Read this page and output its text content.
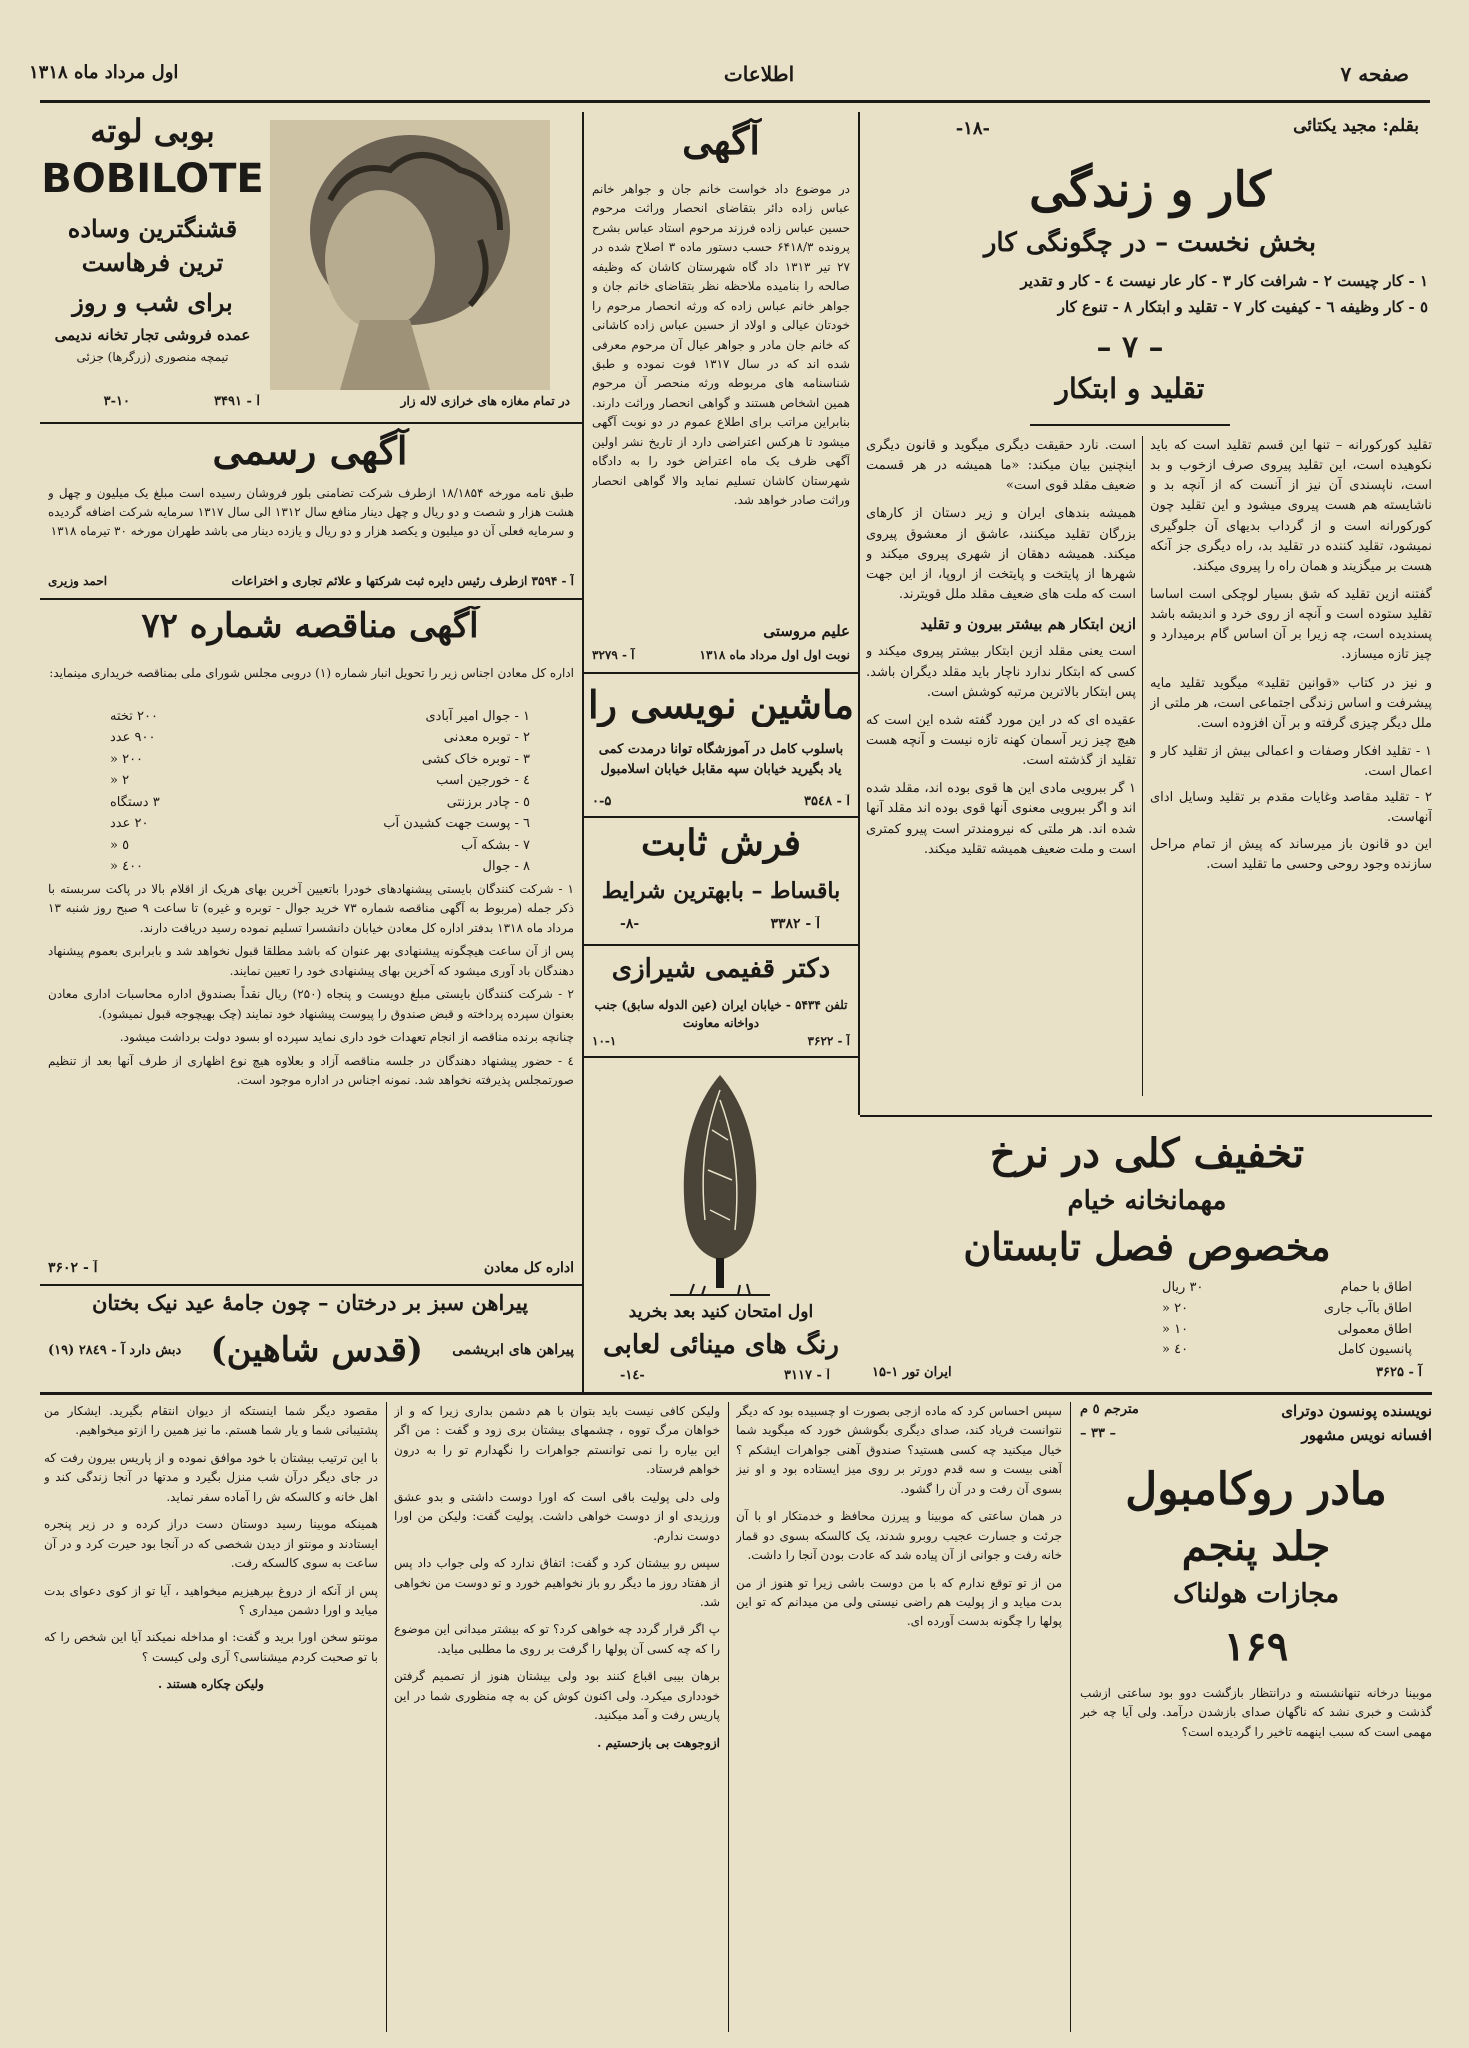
صفحه ۷
اطلاعات
اول مرداد ماه ۱۳۱۸
بقلم: مجید یکتائی
-۱۸-
کار و زندگی
بخش نخست – در چگونگی کار
۱ - کار چیست ۲ - شرافت کار ۳ - کار عار نیست ٤ - کار و تقدیر
٥ - کار وظیفه ٦ - کیفیت کار ۷ - تقلید و ابتکار ۸ - تنوع کار
– ۷ –
تقلید و ابتکار

تقلید کورکورانه – تنها این قسم تقلید است که باید نکوهیده است، این تقلید پیروی صرف ازخوب و بد است، ناپسندی آن نیز از آنست که از آنچه بد و ناشایسته هم هست پیروی میشود و این تقلید چون کورکورانه است و از گرداب بدیهای آن جلوگیری نمیشود، تقلید کننده در تقلید بد، راه دیگری جز آنکه هست بر میگزیند و همان راه را پیروی میکند.

گفتنه ازین تقلید که شق بسیار لوچکی است اساسا تقلید ستوده است و آنچه از روی خرد و اندیشه باشد پسندیده است، چه زیرا بر آن اساس گام برمیدارد و چیز تازه میسازد.

و نیز در کتاب «قوانین تقلید» میگوید تقلید مایه پیشرفت و اساس زندگی اجتماعی است، هر ملتی از ملل دیگر چیزی گرفته و بر آن افزوده است.

۱ - تقلید افکار وصفات و اعمالی بیش از تقلید کار و اعمال است.

۲ - تقلید مقاصد وغایات مقدم بر تقلید وسایل ادای آنهاست.

این دو قانون باز میرساند که پیش از تمام مراحل سازنده وجود روحی وحسی ما تقلید است.

است. نارد حقیقت دیگری میگوید و قانون دیگری اینچنین بیان میکند: «ما همیشه در هر قسمت ضعیف مقلد قوی است»

همیشه بندهای ایران و زیر دستان از کارهای بزرگان تقلید میکنند، عاشق از معشوق پیروی میکند. همیشه دهقان از شهری پیروی میکند و شهرها از پایتخت و پایتخت از اروپا، از این جهت است که ملت های ضعیف مقلد ملل قویترند.

ازین ابتکار هم بیشتر بیرون و تقلید

است یعنی مقلد ازین ابتکار بیشتر پیروی میکند و کسی که ابتکار ندارد ناچار باید مقلد دیگران باشد. پس ابتکار بالاترین مرتبه کوشش است.

عقیده ای که در این مورد گفته شده این است که هیچ چیز زیر آسمان کهنه تازه نیست و آنچه هست تقلید از گذشته است.

۱ گر ببرویی مادی این ها قوی بوده اند، مقلد شده اند و اگر ببرویی معنوی آنها قوی بوده اند مقلد آنها شده اند. هر ملتی که نیرومندتر است پیرو کمتری است و ملت ضعیف همیشه تقلید میکند.

تخفیف کلی در نرخ
مهمانخانه خیام
مخصوص فصل تابستان
اطاق با حمام
۳۰ ریال
اطاق باآب جاری
۲۰ «
اطاق معمولی
۱۰ «
پانسیون کامل
٤٠ «
آ - ۳۶۲۵
ایران تور ۱-۱۵
آگهی
در موضوع داد خواست خانم جان و جواهر خانم عباس زاده دائر بتقاضای انحصار وراثت مرحوم حسین عباس زاده فرزند مرحوم استاد عباس بشرح پرونده ۶۴۱۸/۳ حسب دستور ماده ۳ اصلاح شده در ۲۷ تیر ۱۳۱۳ داد گاه شهرستان کاشان که وظیفه صالحه را بنامیده ملاحظه نظر بتقاضای خانم جان و جواهر خانم عباس زاده که ورثه انحصار مرحوم را خودتان عیالی و اولاد از حسین عباس زاده کاشانی که خانم جان مادر و جواهر عیال آن مرحوم معرفی شده اند که در سال ۱۳۱۷ فوت نموده و طبق شناسنامه های مربوطه ورثه منحصر آن مرحوم همین اشخاص هستند و گواهی انحصار وراثت دارند. بنابراین مراتب برای اطلاع عموم در دو نوبت آگهی میشود تا هرکس اعتراضی دارد از تاریخ نشر اولین آگهی ظرف یک ماه اعتراض خود را به دادگاه شهرستان کاشان تسلیم نماید والا گواهی انحصار وراثت صادر خواهد شد.
علیم مروستی
نوبت اول اول مرداد ماه ۱۳۱۸
آ - ۳۲۷۹
ماشین نویسی را
باسلوب کامل در آموزشگاه توانا درمدت کمی یاد بگیرید خیابان سپه مقابل خیابان اسلامبول
آ - ۳۵٤۸
۰-۵
فرش ثابت
باقساط – بابهترین شرایط
آ - ۳۳۸۲
-۸-
دکتر قفیمی شیرازی
تلفن ۵۴۳۴ - خیابان ایران (عین الدوله سابق) جنب دواخانه معاونت
آ - ۳۶۲۲
۱۰-۱
اول امتحان کنید بعد بخرید
رنگ های مینائی لعابی
آ - ۳۱۱۷
-۱٤-
بوبی لوته
BOBILOTE
قشنگترین وساده
ترین فرهاست
برای شب و روز
عمده فروشی تجار تخانه ندیمی
تیمچه منصوری (زرگرها) جزئی
در تمام مغازه های خرازی لاله زار
آ - ۳۴۹۱
۳-۱۰
آگهی رسمی
طبق نامه مورخه ۱۸/۱۸۵۴ ازطرف شرکت تضامنی بلور فروشان رسیده است مبلغ یک میلیون و چهل و هشت هزار و شصت و دو ریال و چهل دینار منافع سال ۱۳۱۲ الی سال ۱۳۱۷ سرمایه شرکت اضافه گردیده و سرمایه فعلی آن دو میلیون و یکصد هزار و دو ریال و یازده دینار می باشد طهران مورخه ۳۰ تیرماه ۱۳۱۸
آ - ۳۵۹۴ ازطرف رئیس دایره ثبت شرکتها و علائم تجاری و اختراعات
احمد وزیری
آگهی مناقصه شماره ۷۲
اداره کل معادن اجناس زیر را تحویل انبار شماره (۱) دروبی مجلس شورای ملی بمناقصه خریداری مینماید:
۱ - جوال امیر آبادی
۲۰۰ تخته
۲ - توبره معدنی
۹۰۰ عدد
۳ - توبره خاک کشی
۲۰۰ «
٤ - خورجین اسب
۲ «
٥ - چادر برزنتی
۳ دستگاه
٦ - پوست جهت کشیدن آب
۲۰ عدد
۷ - بشکه آب
٥ «
۸ - جوال
٤٠٠ «

۱ - شرکت کنندگان بایستی پیشنهادهای خودرا باتعیین آخرین بهای هریک از اقلام بالا در پاکت سربسته با ذکر جمله (مربوط به آگهی مناقصه شماره ۷۳ خرید جوال - توبره و غیره) تا ساعت ۹ صبح روز شنبه ۱۳ مرداد ماه ۱۳۱۸ بدفتر اداره کل معادن خیابان دانشسرا تسلیم نموده رسید دریافت دارند.

پس از آن ساعت هیچگونه پیشنهادی بهر عنوان که باشد مطلقا قبول نخواهد شد و بابرابری بعموم پیشنهاد دهندگان باد آوری میشود که آخرین بهای پیشنهادی خود را تعیین نمایند.

۲ - شرکت کنندگان بایستی مبلغ دویست و پنجاه (۲۵۰) ریال نقداً بصندوق اداره محاسبات اداری معادن بعنوان سپرده پرداخته و قبض صندوق را پیوست پیشنهاد خود نمایند (چک بهیچوجه قبول نمیشود).

چنانچه برنده مناقصه از انجام تعهدات خود داری نماید سپرده او بسود دولت برداشت میشود.

٤ - حضور پیشنهاد دهندگان در جلسه مناقصه آزاد و بعلاوه هیچ نوع اظهاری از طرف آنها بعد از تنظیم صورتمجلس پذیرفته نخواهد شد. نمونه اجناس در اداره موجود است.

اداره کل معادن
آ - ۳۶۰۲
پیراهن سبز بر درختان – چون جامهٔ عید نیک بختان
پیراهن های ابریشمی
(قدس شاهین)
دبش دارد آ - ۲۸٤۹ (۱۹)
نویسنده پونسون دوترای
مترجم ٥ م
افسانه نویس مشهور
– ۳۳ –
مادر روکامبول
جلد پنجم
مجازات هولناک
۱۶۹
موبینا درخانه تنهانشسته و درانتظار بازگشت دوو بود ساعتی ازشب گذشت و خبری نشد که ناگهان صدای بازشدن درآمد. ولی آیا چه خبر مهمی است که سبب اینهمه تاخیر را گردیده است؟

سپس احساس کرد که ماده ازجی بصورت او چسبیده بود که دیگر نتوانست فریاد کند، صدای دیگری بگوشش خورد که میگوید شما خیال میکنید چه کسی هستید؟ صندوق آهنی جواهرات ایشکم ؟ آهنی بیست و سه قدم دورتر بر روی میز ایستاده بود و او نیز بسوی آن رفت و در آن را گشود.

در همان ساعتی که موبینا و پیرزن محافظ و خدمتکار او با آن جرئت و جسارت عجیب روبرو شدند، یک کالسکه بسوی دو قمار خانه رفت و جوانی از آن پیاده شد که عادت بودن آنجا را داشت.

من از تو توقع ندارم که با من دوست باشی زیرا تو هنوز از من بدت میاید و از پولیت هم راضی نیستی ولی من میدانم که تو این پولها را چگونه بدست آورده ای.

ولیکن کافی نیست باید بتوان با هم دشمن بداری زیرا که و از خواهان مرگ تووه ، چشمهای بیشتان بری زود و گفت : من اگر این بیاره را نمی توانستم جواهرات را نگهدارم تو را به درون خواهم فرستاد.

ولی دلی پولیت باقی است که اورا دوست داشتی و بدو عشق ورزیدی او از دوست خواهی داشت. پولیت گفت: ولیکن من اورا دوست ندارم.

سپس رو بیشتان کرد و گفت: اتفاق ندارد که ولی جواب داد پس از هفتاد روز ما دیگر رو باز نخواهیم خورد و تو دوست من نخواهی شد.

پ اگر قرار گردد چه خواهی کرد؟ تو که بیشتر میدانی این موضوع را که چه کسی آن پولها را گرفت بر روی ما مطلبی میاید.

برهان بیبی اقباع کنند بود ولی بیشتان هنوز از تصمیم گرفتن خودداری میکرد. ولی اکنون کوش کن به چه منظوری شما در این پاریس رفت و آمد میکنید.

ازوجوهت بی بازحستیم .

مقصود دیگر شما اینستکه از دیوان انتقام بگیرید. ایشکار من پشتیبانی شما و یار شما هستم. ما نیز همین را ازتو میخواهیم.

با این ترتیب بیشتان با خود موافق نموده و از پاریس بیرون رفت که در جای دیگر درآن شب منزل بگیرد و مدتها در آنجا زندگی کند و اهل خانه و کالسکه ش را آماده سفر نماید.

همینکه موبینا رسید دوستان دست دراز کرده و در زیر پنجره ایستادند و مونتو از دیدن شخصی که در آنجا بود حیرت کرد و در آن ساعت به سوی کالسکه رفت.

پس از آنکه از دروغ بپرهیزیم میخواهید ، آیا تو از کوی دعوای بدت میاید و اورا دشمن میداری ؟

مونتو سخن اورا برید و گفت: او مداخله نمیکند آیا این شخص را که با تو صحبت کردم میشناسی؟ آری ولی کیست ؟

ولیکن چکاره هستند .
